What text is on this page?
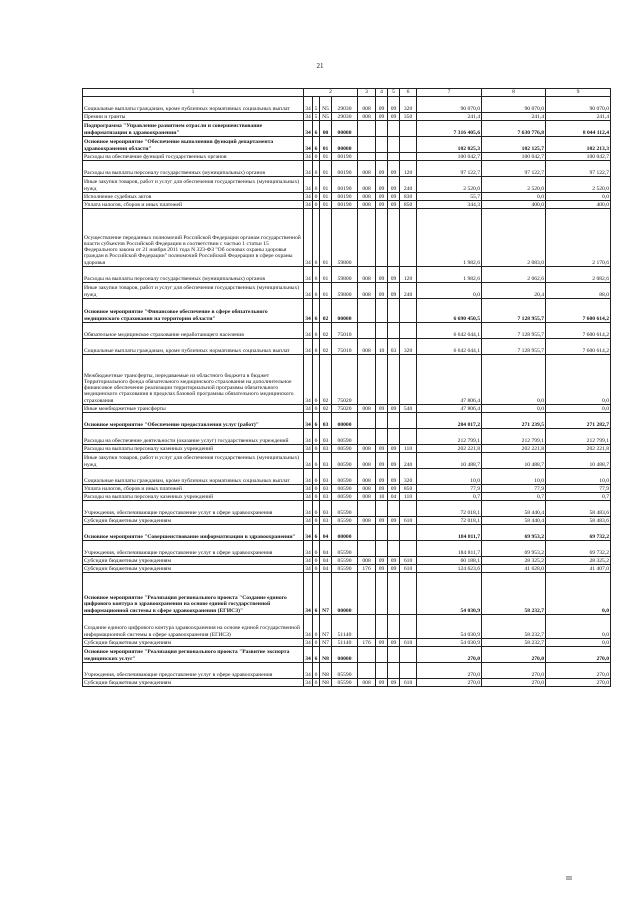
21
1	2				3	4	5	6	7	8	9
Социальные выплаты гражданам, кроме публичных нормативных социальных выплат	34	5	N5	29030	008	09	09	320	90 070,0	90 070,0	90 070,0
Премии и гранты	34	5	N5	29030	008	09	09	350	241,4	241,4	241,4
Подпрограмма "Управление развитием отрасли и совершенствование информатизации в здравоохранении"	34	6	00	00000					7 316 405,6	7 630 776,8	8 044 112,4
Основное мероприятие "Обеспечение выполнения функций департамента здравоохранения области"	34	6	01	00000					102 025,3	102 125,7	102 213,3
Расходы на обеспечение функций государственных органов	34	6	01	00190					100 042,7	100 042,7	100 042,7
Расходы на выплаты персоналу государственных (муниципальных) органов	34	6	01	00190	008	09	09	120	97 122,7	97 122,7	97 122,7
Иные закупки товаров, работ и услуг для обеспечения государственных (муниципальных) нужд	34	6	01	00190	008	09	09	240	2 520,0	2 520,0	2 520,0
Исполнение судебных актов	34	6	01	00190	008	09	09	830	55,7	0,0	0,0
Уплата налогов, сборов и иных платежей	34	6	01	00190	008	09	09	850	344,3	400,0	400,0
Осуществление переданных полномочий Российской Федерации органам государственной власти субъектов Российской Федерации в соответствии с частью 1 статьи 15 Федерального закона от 21 ноября 2011 года N 323-ФЗ "Об основах охраны здоровья граждан в Российской Федерации" полномочий Российской Федерации в сфере охраны здоровья	34	6	01	59800					1 982,6	2 083,0	2 170,6
Расходы на выплаты персоналу государственных (муниципальных) органов	34	6	01	59800	008	09	09	120	1 982,6	2 062,6	2 082,6
Иные закупки товаров, работ и услуг для обеспечения государственных (муниципальных) нужд	34	6	01	59800	008	09	09	240	0,0	20,4	88,0
Основное мероприятие "Финансовое обеспечение в сфере обязательного медицинского страхования на территории области"	34	6	02	00000					6 690 450,5	7 128 955,7	7 600 614,2
Обязательное медицинское страхование неработающего населения	34	6	02	75010					6 642 644,1	7 128 955,7	7 600 614,2
Социальные выплаты гражданам, кроме публичных нормативных социальных выплат	34	6	02	75010	008	10	03	320	6 642 644,1	7 128 955,7	7 600 614,2
Межбюджетные трансферты, передаваемые из областного бюджета в бюджет Территориального фонда обязательного медицинского страхования на дополнительное финансовое обеспечение реализации территориальной программы обязательного медицинского страхования в пределах базовой программы обязательного медицинского страхования	34	6	02	75020					47 806,4	0,0	0,0
Иные межбюджетные трансферты	34	6	02	75020	008	09	09	540	47 806,4	0,0	0,0
Основное мероприятие "Обеспечение предоставления услуг (работ)"	34	6	03	00000					284 817,2	271 239,5	271 282,7
Расходы на обеспечение деятельности (оказание услуг) государственных учреждений	34	6	03	00590					212 799,1	212 799,1	212 799,1
Расходы на выплаты персоналу казенных учреждений	34	6	03	00590	008	09	09	110	202 221,8	202 221,8	202 221,8
Иные закупки товаров, работ и услуг для обеспечения государственных (муниципальных) нужд	34	6	03	00590	008	09	09	240	10 488,7	10 488,7	10 488,7
Социальные выплаты гражданам, кроме публичных нормативных социальных выплат	34	6	03	00590	008	09	09	320	10,0	10,0	10,0
Уплата налогов, сборов и иных платежей	34	6	03	00590	008	09	09	850	77,9	77,9	77,9
Расходы на выплаты персоналу казенных учреждений	34	6	03	00590	008	10	04	110	0,7	0,7	0,7
Учреждения, обеспечивающие предоставление услуг в сфере здравоохранения	34	6	03	05590					72 018,1	58 440,4	58 483,6
Субсидии бюджетным учреждениям	34	6	03	05590	008	09	09	610	72 018,1	58 440,4	58 483,6
Основное мероприятие "Совершенствование информатизации в здравоохранении"	34	6	04	00000					184 811,7	69 953,2	69 732,2
Учреждения, обеспечивающие предоставление услуг в сфере здравоохранения	34	6	04	05590					184 811,7	69 953,2	69 732,2
Субсидии бюджетным учреждениям	34	6	04	05590	008	09	09	610	60 188,1	28 325,2	28 325,2
Субсидии бюджетным учреждениям	34	6	04	05590	176	09	09	610	124 623,6	41 628,0	41 407,0
Основное мероприятие "Реализация регионального проекта "Создание единого цифрового контура в здравоохранении на основе единой государственной информационной системы в сфере здравоохранения (ЕГИСЗ)"	34	6	N7	00000					54 030,9	58 232,7	0,0
Создание единого цифрового контура здравоохранения на основе единой государственной информационной системы в сфере здравоохранения (ЕГИСЗ)	34	6	N7	51140					54 030,9	58 232,7	0,0
Субсидии бюджетным учреждениям	34	6	N7	51140	176	09	09	610	54 030,9	58 232,7	0,0
Основное мероприятие "Реализация регионального проекта "Развитие экспорта медицинских услуг"	34	6	N8	00000					270,0	270,0	270,0
Учреждения, обеспечивающие предоставление услуг в сфере здравоохранения	34	6	N8	05590					270,0	270,0	270,0
Субсидии бюджетным учреждениям	34	6	N8	05590	008	09	09	610	270,0	270,0	270,0
III
